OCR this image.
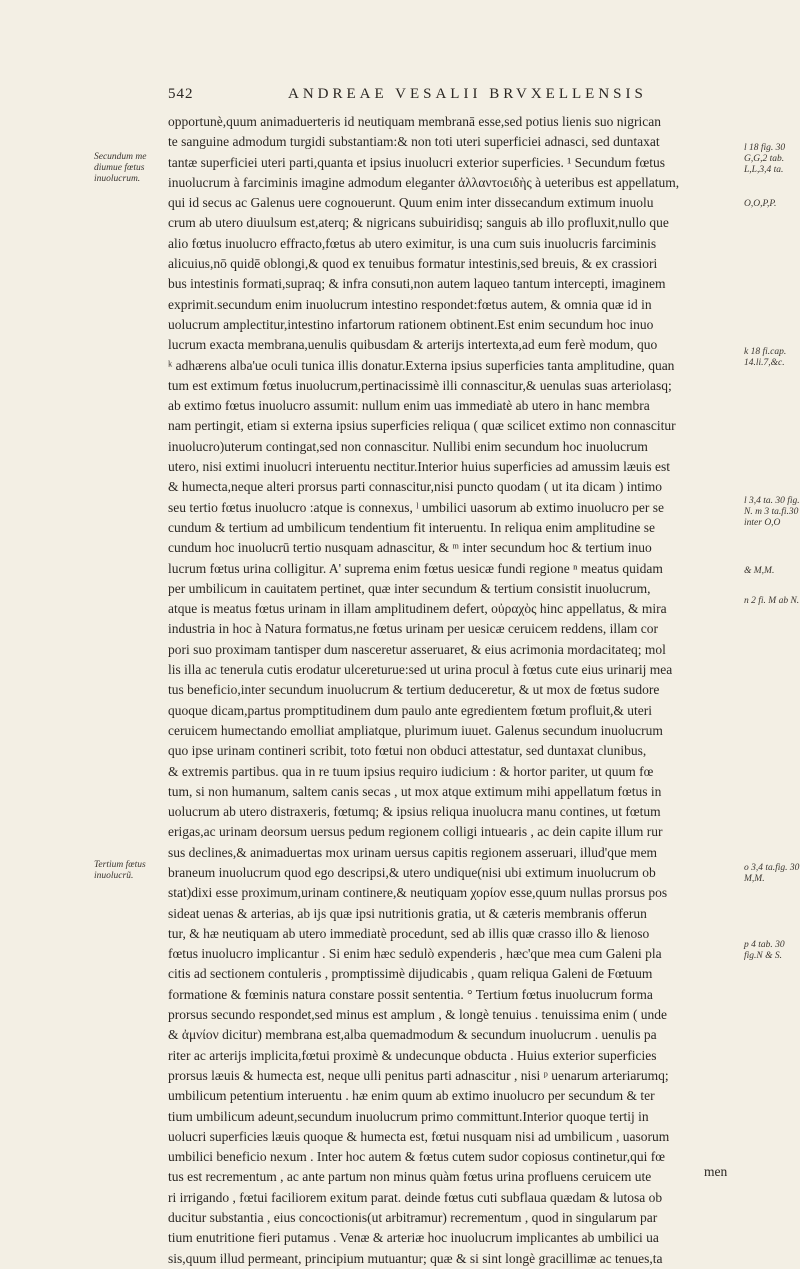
542	ANDREAE VESALII BRVXELLENSIS
opportunè,quum animaduerteris id neutiquam membranā esse,sed potius lienis suo nigrican
te sanguine admodum turgidi substantiam:& non toti uteri superficiei adnasci, sed duntaxat
tantæ superficiei uteri parti,quanta et ipsius inuolucri exterior superficies. ¹ Secundum fœtus
inuolucrum à farciminis imagine admodum eleganter ἀλλαντοειδὴς à ueteribus est appellatum,
qui id secus ac Galenus uere cognouerunt. Quum enim inter dissecandum extimum inuolu
crum ab utero diuulsum est,aterq; & nigricans subuiridisq; sanguis ab illo profluxit,nullo que
alio fœtus inuolucro effracto,fœtus ab utero eximitur, is una cum suis inuolucris farciminis
alicuius,nō quidē oblongi,& quod ex tenuibus formatur intestinis,sed breuis, & ex crassiori
bus intestinis formati,supraq; & infra consuti,non autem laqueo tantum intercepti, imaginem
exprimit.secundum enim inuolucrum intestino respondet:fœtus autem, & omnia quæ id in
uolucrum amplectitur,intestino infartorum rationem obtinent.Est enim secundum hoc inuo
lucrum exacta membrana,uenulis quibusdam & arterijs intertexta,ad eum ferè modum, quo
ᵏ adhærens alba'ue oculi tunica illis donatur.Externa ipsius superficies tanta amplitudine, quan
tum est extimum fœtus inuolucrum,pertinacissimè illi connascitur,& uenulas suas arteriolasq;
ab extimo fœtus inuolucro assumit: nullum enim uas immediatè ab utero in hanc membra
nam pertingit, etiam si externa ipsius superficies reliqua ( quæ scilicet extimo non connascitur
inuolucro)uterum contingat,sed non connascitur. Nullibi enim secundum hoc inuolucrum
utero, nisi extimi inuolucri interuentu nectitur.Interior huius superficies ad amussim læuis est
& humecta,neque alteri prorsus parti connascitur,nisi puncto quodam ( ut ita dicam ) intimo
seu tertio fœtus inuolucro :atque is connexus, ˡ umbilici uasorum ab extimo inuolucro per se
cundum & tertium ad umbilicum tendentium fit interuentu. In reliqua enim amplitudine se
cundum hoc inuolucrū tertio nusquam adnascitur, & ᵐ inter secundum hoc & tertium inuo
lucrum fœtus urina colligitur. A' suprema enim fœtus uesicæ fundi regione ⁿ meatus quidam
per umbilicum in cauitatem pertinet, quæ inter secundum & tertium consistit inuolucrum,
atque is meatus fœtus urinam in illam amplitudinem defert, οὐραχὸς hinc appellatus, & mira
industria in hoc à Natura formatus,ne fœtus urinam per uesicæ ceruicem reddens, illam cor
pori suo proximam tantisper dum nasceretur asseruaret, & eius acrimonia mordacitateq; mol
lis illa ac tenerula cutis erodatur ulcereturue:sed ut urina procul à fœtus cute eius urinarij mea
tus beneficio,inter secundum inuolucrum & tertium deduceretur, & ut mox de fœtus sudore
quoque dicam,partus promptitudinem dum paulo ante egredientem fœtum profluit,& uteri
ceruicem humectando emolliat ampliatque, plurimum iuuet. Galenus secundum inuolucrum
quo ipse urinam contineri scribit, toto fœtui non obduci attestatur, sed duntaxat clunibus,
& extremis partibus. qua in re tuum ipsius requiro iudicium : & hortor pariter, ut quum fœ
tum, si non humanum, saltem canis secas , ut mox atque extimum mihi appellatum fœtus in
uolucrum ab utero distraxeris, fœtumq; & ipsius reliqua inuolucra manu contines, ut fœtum
erigas,ac urinam deorsum uersus pedum regionem colligi intuearis , ac dein capite illum rur
sus declines,& animaduertas mox urinam uersus capitis regionem asseruari, illud'que mem
braneum inuolucrum quod ego descripsi,& utero undique(nisi ubi extimum inuolucrum ob
stat)dixi esse proximum,urinam continere,& neutiquam χορίον esse,quum nullas prorsus pos
sideat uenas & arterias, ab ijs quæ ipsi nutritionis gratia, ut & cæteris membranis offerun
tur, & hæ neutiquam ab utero immediatè procedunt, sed ab illis quæ crasso illo & lienoso
fœtus inuolucro implicantur . Si enim hæc sedulò expenderis , hæc'que mea cum Galeni pla
citis ad sectionem contuleris , promptissimè dijudicabis , quam reliqua Galeni de Fœtuum
formatione & fœminis natura constare possit sententia. ° Tertium fœtus inuolucrum forma
prorsus secundo respondet,sed minus est amplum , & longè tenuius . tenuissima enim ( unde
& ἀμνίον dicitur) membrana est,alba quemadmodum & secundum inuolucrum . uenulis pa
riter ac arterijs implicita,fœtui proximè & undecunque obducta . Huius exterior superficies
prorsus læuis & humecta est, neque ulli penitus parti adnascitur , nisi ᵖ uenarum arteriarumq;
umbilicum petentium interuentu . hæ enim quum ab extimo inuolucro per secundum & ter
tium umbilicum adeunt,secundum inuolucrum primo committunt.Interior quoque tertij in
uolucri superficies læuis quoque & humecta est, fœtui nusquam nisi ad umbilicum , uasorum
umbilici beneficio nexum . Inter hoc autem & fœtus cutem sudor copiosus continetur,qui fœ
tus est recrementum , ac ante partum non minus quàm fœtus urina profluens ceruicem ute
ri irrigando , fœtui faciliorem exitum parat. deinde fœtus cuti subflaua quædam & lutosa ob
ducitur substantia , eius concoctionis(ut arbitramur) recrementum , quod in singularum par
tium enutritione fieri putamus . Venæ & arteriæ hoc inuolucrum implicantes ab umbilici ua
sis,quum illud permeant, principium mutuantur; quæ & si sint longè gracillimæ ac tenues,ta
men
Secundum me diumue fœtus inuolucrum.
Tertium fœtus inuolucrũ.
l 18 fig. 30 G,G,2 tab. L,L,3,4 ta.
O,O,P,P.
k 18 fi.cap. 14.li.7,&c.
l 3,4 ta. 30 fig. N. m 3 ta.fi.30 inter O,O
& M,M.
n 2 fi. M ab N.
o 3,4 ta.fig. 30 M,M.
p 4 tab. 30 fig.N & S.
